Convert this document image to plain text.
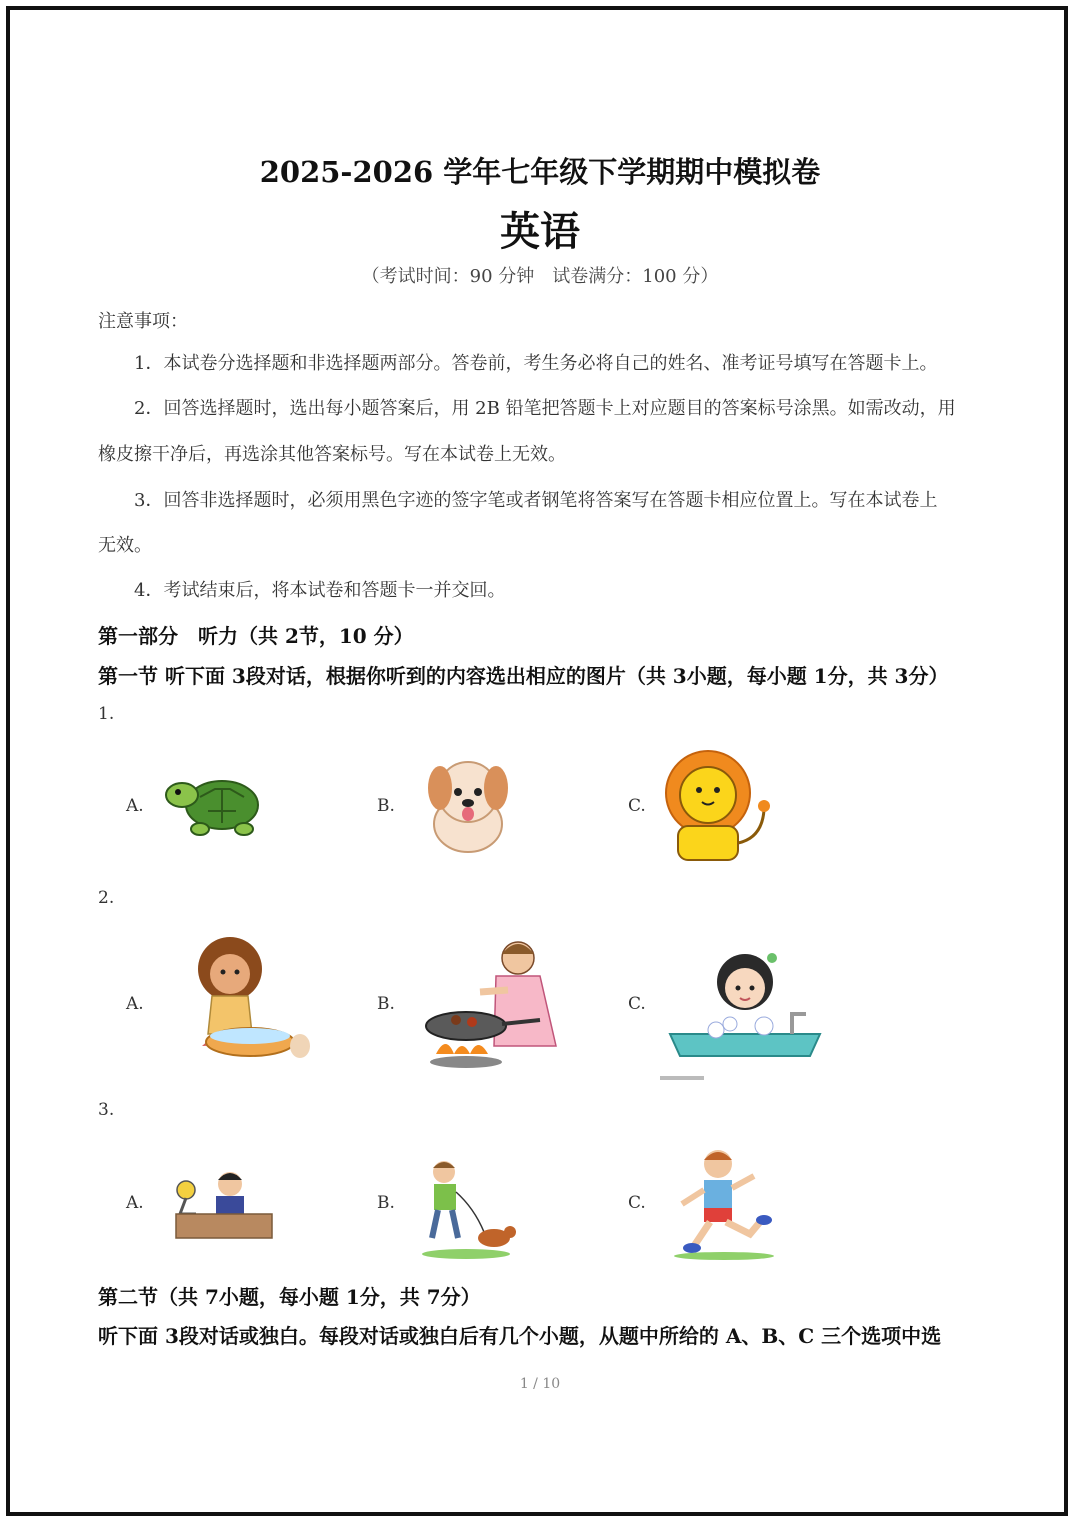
2025-2026 学年七年级下学期期中模拟卷
英语
（考试时间：90 分钟　试卷满分：100 分）
注意事项：
1．本试卷分选择题和非选择题两部分。答卷前，考生务必将自己的姓名、准考证号填写在答题卡上。
2．回答选择题时，选出每小题答案后，用 2B 铅笔把答题卡上对应题目的答案标号涂黑。如需改动，用
橡皮擦干净后，再选涂其他答案标号。写在本试卷上无效。
3．回答非选择题时，必须用黑色字迹的签字笔或者钢笔将答案写在答题卡相应位置上。写在本试卷上
无效。
4．考试结束后，将本试卷和答题卡一并交回。
第一部分　听力（共 2节，10 分）
第一节 听下面 3段对话，根据你听到的内容选出相应的图片（共 3小题，每小题 1分，共 3分）
1.
A.	B.	C.
2.
A.	B.	C.
3.
A.	B.	C.
第二节（共 7小题，每小题 1分，共 7分）
听下面 3段对话或独白。每段对话或独白后有几个小题，从题中所给的 A、B、C 三个选项中选
1 / 10
